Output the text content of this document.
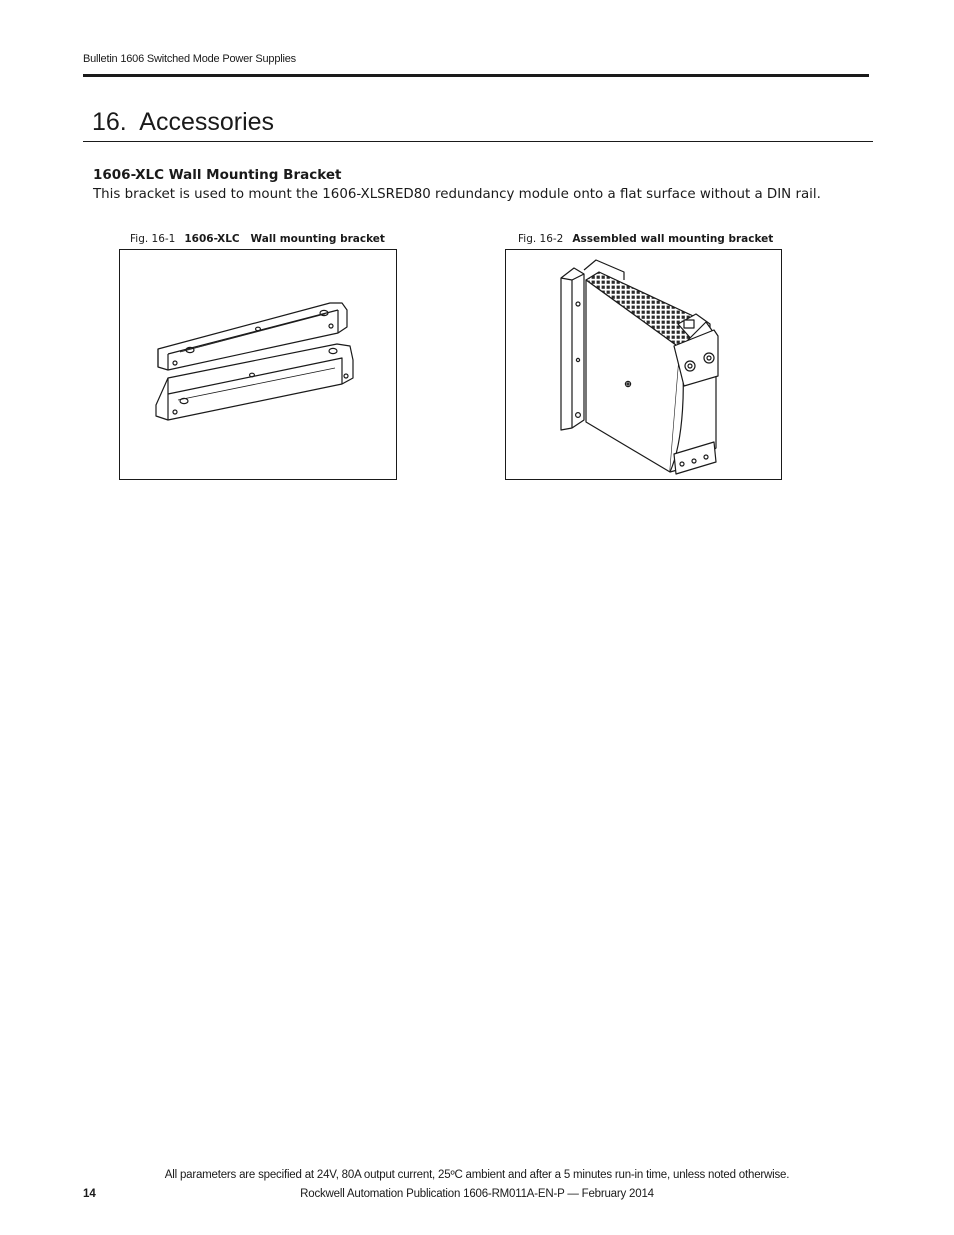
Bulletin 1606 Switched Mode Power Supplies
16.  Accessories
1606-XLC Wall Mounting Bracket

This bracket is used to mount the 1606-XLSRED80 redundancy module onto a flat surface without a DIN rail.

Fig. 16-1 1606-XLC   Wall mounting bracket	Fig. 16-2 Assembled wall mounting bracket
All parameters are specified at 24V, 80A output current, 25ºC ambient and after a 5 minutes run-in time, unless noted otherwise.
14	Rockwell Automation Publication 1606-RM011A-EN-P — February 2014
